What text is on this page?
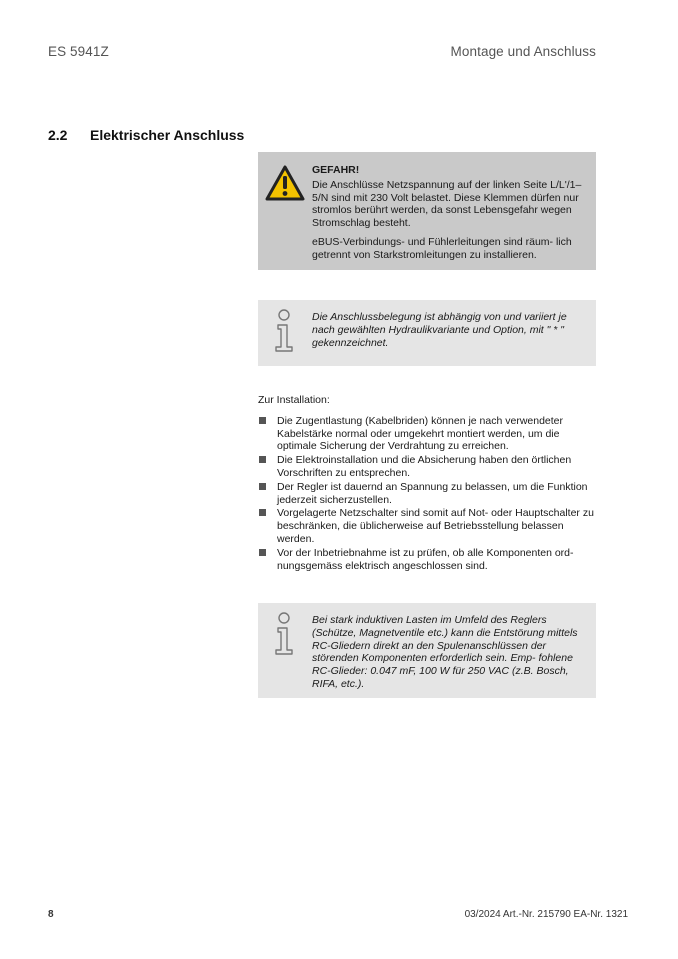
ES 5941Z	Montage und Anschluss
2.2 Elektrischer Anschluss
GEFAHR!
Die Anschlüsse Netzspannung auf der linken Seite L/L'/1–5/N sind mit 230 Volt belastet. Diese Klemmen dürfen nur stromlos berührt werden, da sonst Lebensgefahr wegen Stromschlag besteht.
eBUS-Verbindungs- und Fühlerleitungen sind räum- lich getrennt von Starkstromleitungen zu installieren.
Die Anschlussbelegung ist abhängig von und variiert je nach gewählten Hydraulikvariante und Option, mit " * " gekennzeichnet.
Zur Installation:
Die Zugentlastung (Kabelbriden) können je nach verwendeter Kabelstärke normal oder umgekehrt montiert werden, um die optimale Sicherung der Verdrahtung zu erreichen.
Die Elektroinstallation und die Absicherung haben den örtlichen Vorschriften zu entsprechen.
Der Regler ist dauernd an Spannung zu belassen, um die Funktion jederzeit sicherzustellen.
Vorgelagerte Netzschalter sind somit auf Not- oder Hauptschalter zu beschränken, die üblicherweise auf Betriebsstellung belassen werden.
Vor der Inbetriebnahme ist zu prüfen, ob alle Komponenten ord- nungsgemäss elektrisch angeschlossen sind.
Bei stark induktiven Lasten im Umfeld des Reglers (Schütze, Magnetventile etc.) kann die Entstörung mittels RC-Gliedern direkt an den Spulenanschlüssen der störenden Komponenten erforderlich sein. Emp- fohlene RC-Glieder: 0.047 mF, 100 W für 250 VAC (z.B. Bosch, RIFA, etc.).
8	03/2024 Art.-Nr. 215790 EA-Nr. 1321
